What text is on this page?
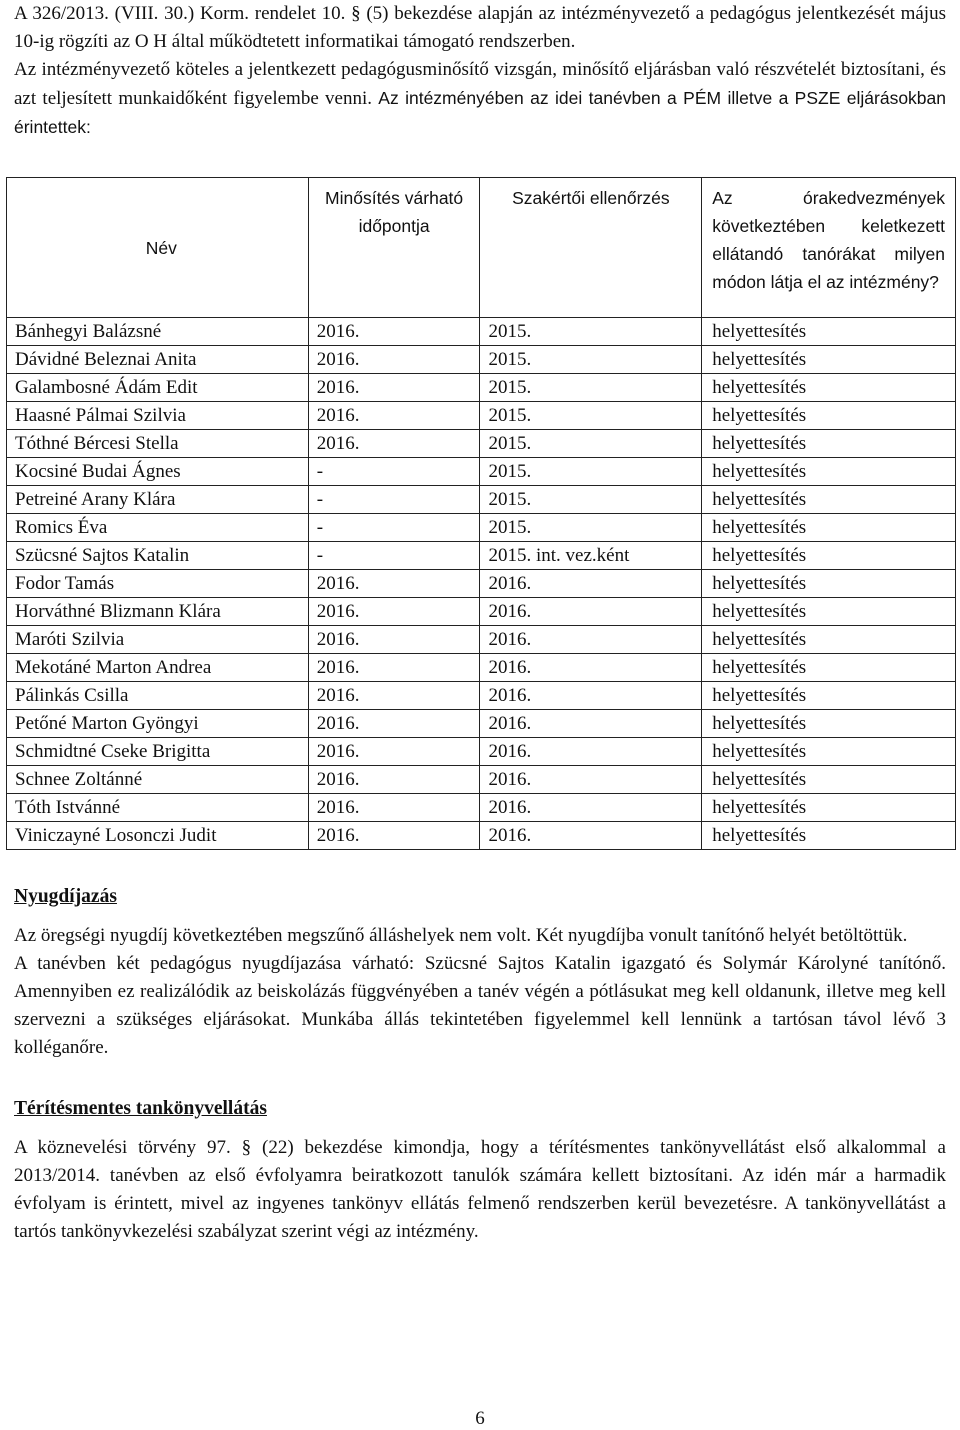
A 326/2013. (VIII. 30.) Korm. rendelet 10. § (5) bekezdése alapján az intézményvezető a pedagógus jelentkezését május 10-ig rögzíti az O H által működtetett informatikai támogató rendszerben.

Az intézményvezető köteles a jelentkezett pedagógusminősítő vizsgán, minősítő eljárásban való részvételét biztosítani, és azt teljesített munkaidőként figyelembe venni. Az intézményében az idei tanévben a PÉM illetve a PSZE eljárásokban érintettek:

Név	Minősítés várható időpontja	Szakértői ellenőrzés	Az órakedvezmények következtében keletkezett ellátandó tanórákat milyen módon látja el az intézmény?
Bánhegyi Balázsné	2016.	2015.	helyettesítés
Dávidné Beleznai Anita	2016.	2015.	helyettesítés
Galambosné Ádám Edit	2016.	2015.	helyettesítés
Haasné Pálmai Szilvia	2016.	2015.	helyettesítés
Tóthné Bércesi Stella	2016.	2015.	helyettesítés
Kocsiné Budai Ágnes	-	2015.	helyettesítés
Petreiné Arany Klára	-	2015.	helyettesítés
Romics Éva	-	2015.	helyettesítés
Szücsné Sajtos Katalin	-	2015. int. vez.ként	helyettesítés
Fodor Tamás	2016.	2016.	helyettesítés
Horváthné Blizmann Klára	2016.	2016.	helyettesítés
Maróti Szilvia	2016.	2016.	helyettesítés
Mekotáné Marton Andrea	2016.	2016.	helyettesítés
Pálinkás Csilla	2016.	2016.	helyettesítés
Petőné Marton Gyöngyi	2016.	2016.	helyettesítés
Schmidtné Cseke Brigitta	2016.	2016.	helyettesítés
Schnee Zoltánné	2016.	2016.	helyettesítés
Tóth Istvánné	2016.	2016.	helyettesítés
Viniczayné Losonczi Judit	2016.	2016.	helyettesítés
Nyugdíjazás

Az öregségi nyugdíj következtében megszűnő álláshelyek nem volt. Két nyugdíjba vonult tanítónő helyét betöltöttük.

A tanévben két pedagógus nyugdíjazása várható: Szücsné Sajtos Katalin igazgató és Solymár Károlyné tanítónő. Amennyiben ez realizálódik az beiskolázás függvényében a tanév végén a pótlásukat meg kell oldanunk, illetve meg kell szervezni a szükséges eljárásokat. Munkába állás tekintetében figyelemmel kell lennünk a tartósan távol lévő 3 kolléganőre.

Térítésmentes tankönyvellátás

A köznevelési törvény 97. § (22) bekezdése kimondja, hogy a térítésmentes tankönyvellátást első alkalommal a 2013/2014. tanévben az első évfolyamra beiratkozott tanulók számára kellett biztosítani. Az idén már a harmadik évfolyam is érintett, mivel az ingyenes tankönyv ellátás felmenő rendszerben kerül bevezetésre. A tankönyvellátást a tartós tankönyvkezelési szabályzat szerint végi az intézmény.

6
